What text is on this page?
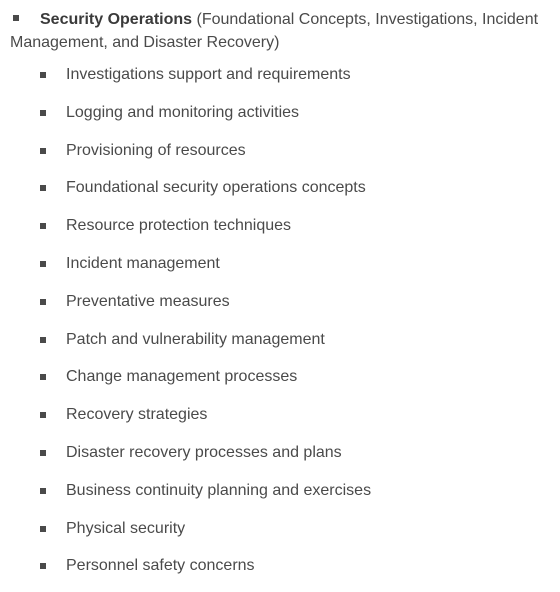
Security Operations (Foundational Concepts, Investigations, Incident Management, and Disaster Recovery)
Investigations support and requirements
Logging and monitoring activities
Provisioning of resources
Foundational security operations concepts
Resource protection techniques
Incident management
Preventative measures
Patch and vulnerability management
Change management processes
Recovery strategies
Disaster recovery processes and plans
Business continuity planning and exercises
Physical security
Personnel safety concerns
